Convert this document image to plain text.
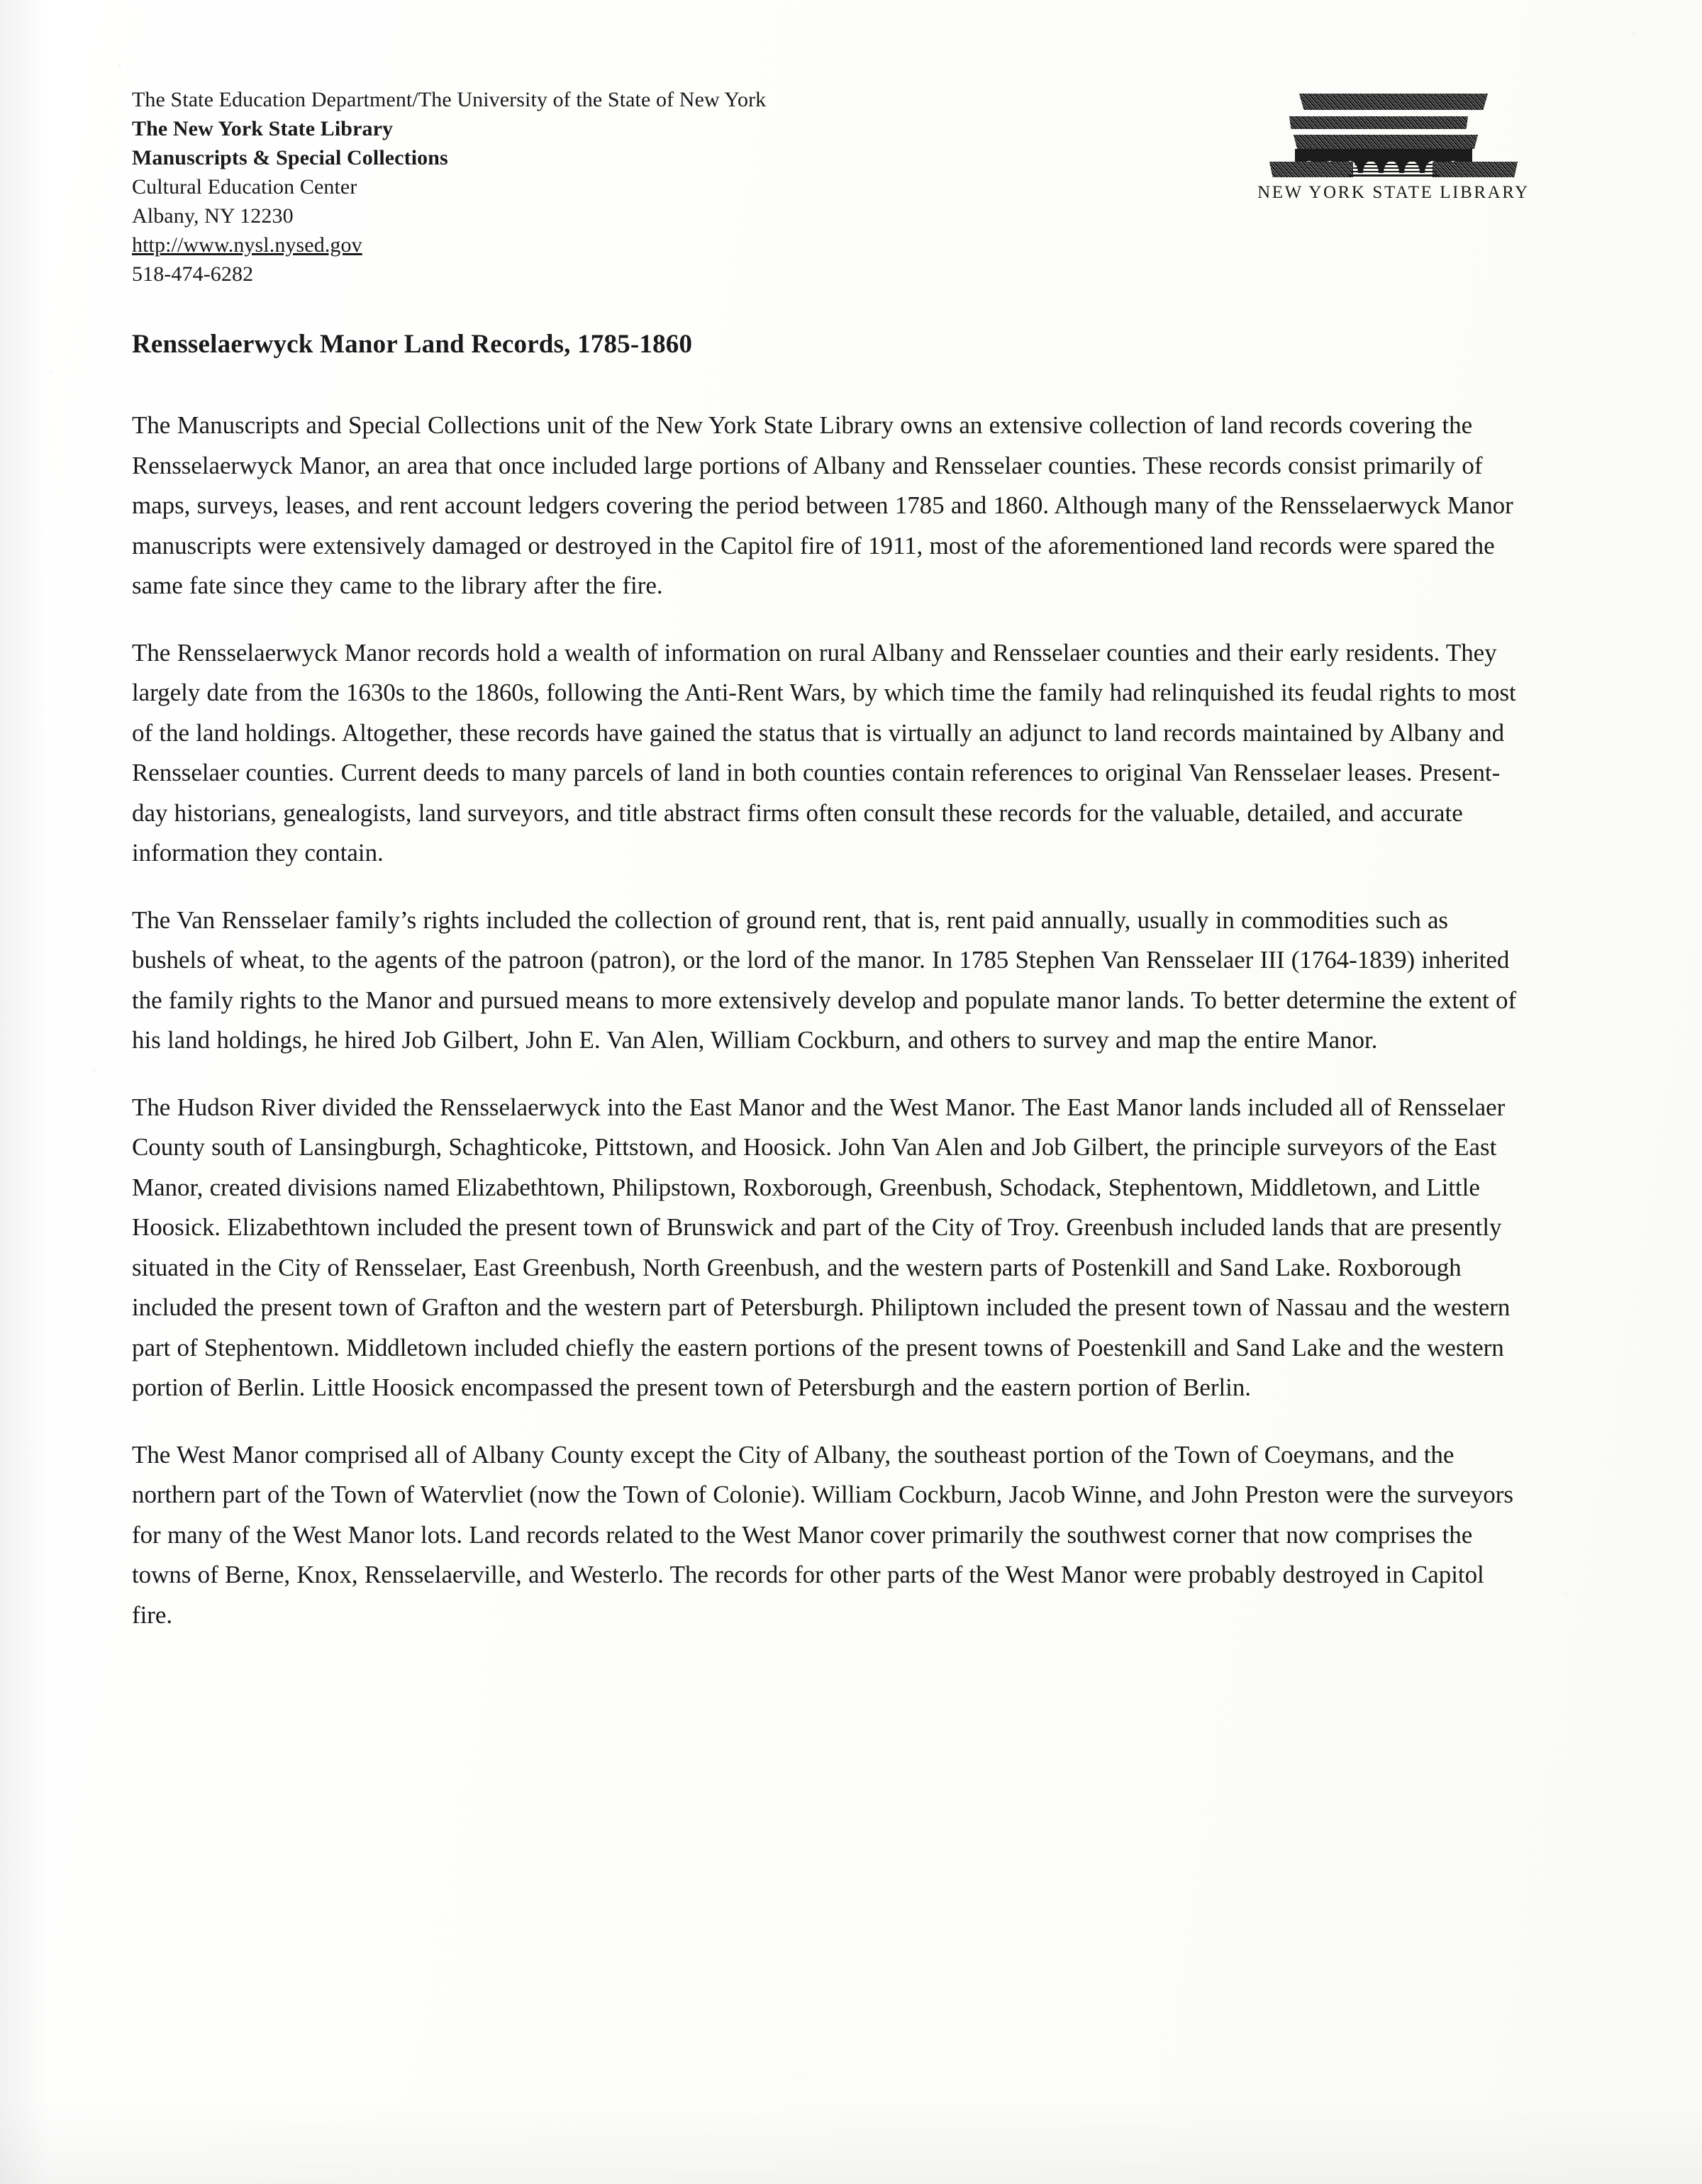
The State Education Department/The University of the State of New York
The New York State Library
Manuscripts & Special Collections
Cultural Education Center
Albany, NY 12230
http://www.nysl.nysed.gov
518-474-6282
NEW YORK STATE LIBRARY
Rensselaerwyck Manor Land Records, 1785-1860

The Manuscripts and Special Collections unit of the New York State Library owns an extensive collection of land records covering the Rensselaerwyck Manor, an area that once included large portions of Albany and Rensselaer counties. These records consist primarily of maps, surveys, leases, and rent account ledgers covering the period between 1785 and 1860. Although many of the Rensselaerwyck Manor manuscripts were extensively damaged or destroyed in the Capitol fire of 1911, most of the aforementioned land records were spared the same fate since they came to the library after the fire.

The Rensselaerwyck Manor records hold a wealth of information on rural Albany and Rensselaer counties and their early residents. They largely date from the 1630s to the 1860s, following the Anti-Rent Wars, by which time the family had relinquished its feudal rights to most of the land holdings. Altogether, these records have gained the status that is virtually an adjunct to land records maintained by Albany and Rensselaer counties. Current deeds to many parcels of land in both counties contain references to original Van Rensselaer leases. Present-day historians, genealogists, land surveyors, and title abstract firms often consult these records for the valuable, detailed, and accurate information they contain.

The Van Rensselaer family’s rights included the collection of ground rent, that is, rent paid annually, usually in commodities such as bushels of wheat, to the agents of the patroon (patron), or the lord of the manor. In 1785 Stephen Van Rensselaer III (1764-1839) inherited the family rights to the Manor and pursued means to more extensively develop and populate manor lands. To better determine the extent of his land holdings, he hired Job Gilbert, John E. Van Alen, William Cockburn, and others to survey and map the entire Manor.

The Hudson River divided the Rensselaerwyck into the East Manor and the West Manor. The East Manor lands included all of Rensselaer County south of Lansingburgh, Schaghticoke, Pittstown, and Hoosick. John Van Alen and Job Gilbert, the principle surveyors of the East Manor, created divisions named Elizabethtown, Philipstown, Roxborough, Greenbush, Schodack, Stephentown, Middletown, and Little Hoosick. Elizabethtown included the present town of Brunswick and part of the City of Troy. Greenbush included lands that are presently situated in the City of Rensselaer, East Greenbush, North Greenbush, and the western parts of Postenkill and Sand Lake. Roxborough included the present town of Grafton and the western part of Petersburgh. Philiptown included the present town of Nassau and the western part of Stephentown. Middletown included chiefly the eastern portions of the present towns of Poestenkill and Sand Lake and the western portion of Berlin. Little Hoosick encompassed the present town of Petersburgh and the eastern portion of Berlin.

The West Manor comprised all of Albany County except the City of Albany, the southeast portion of the Town of Coeymans, and the northern part of the Town of Watervliet (now the Town of Colonie). William Cockburn, Jacob Winne, and John Preston were the surveyors for many of the West Manor lots. Land records related to the West Manor cover primarily the southwest corner that now comprises the towns of Berne, Knox, Rensselaerville, and Westerlo. The records for other parts of the West Manor were probably destroyed in Capitol fire.
